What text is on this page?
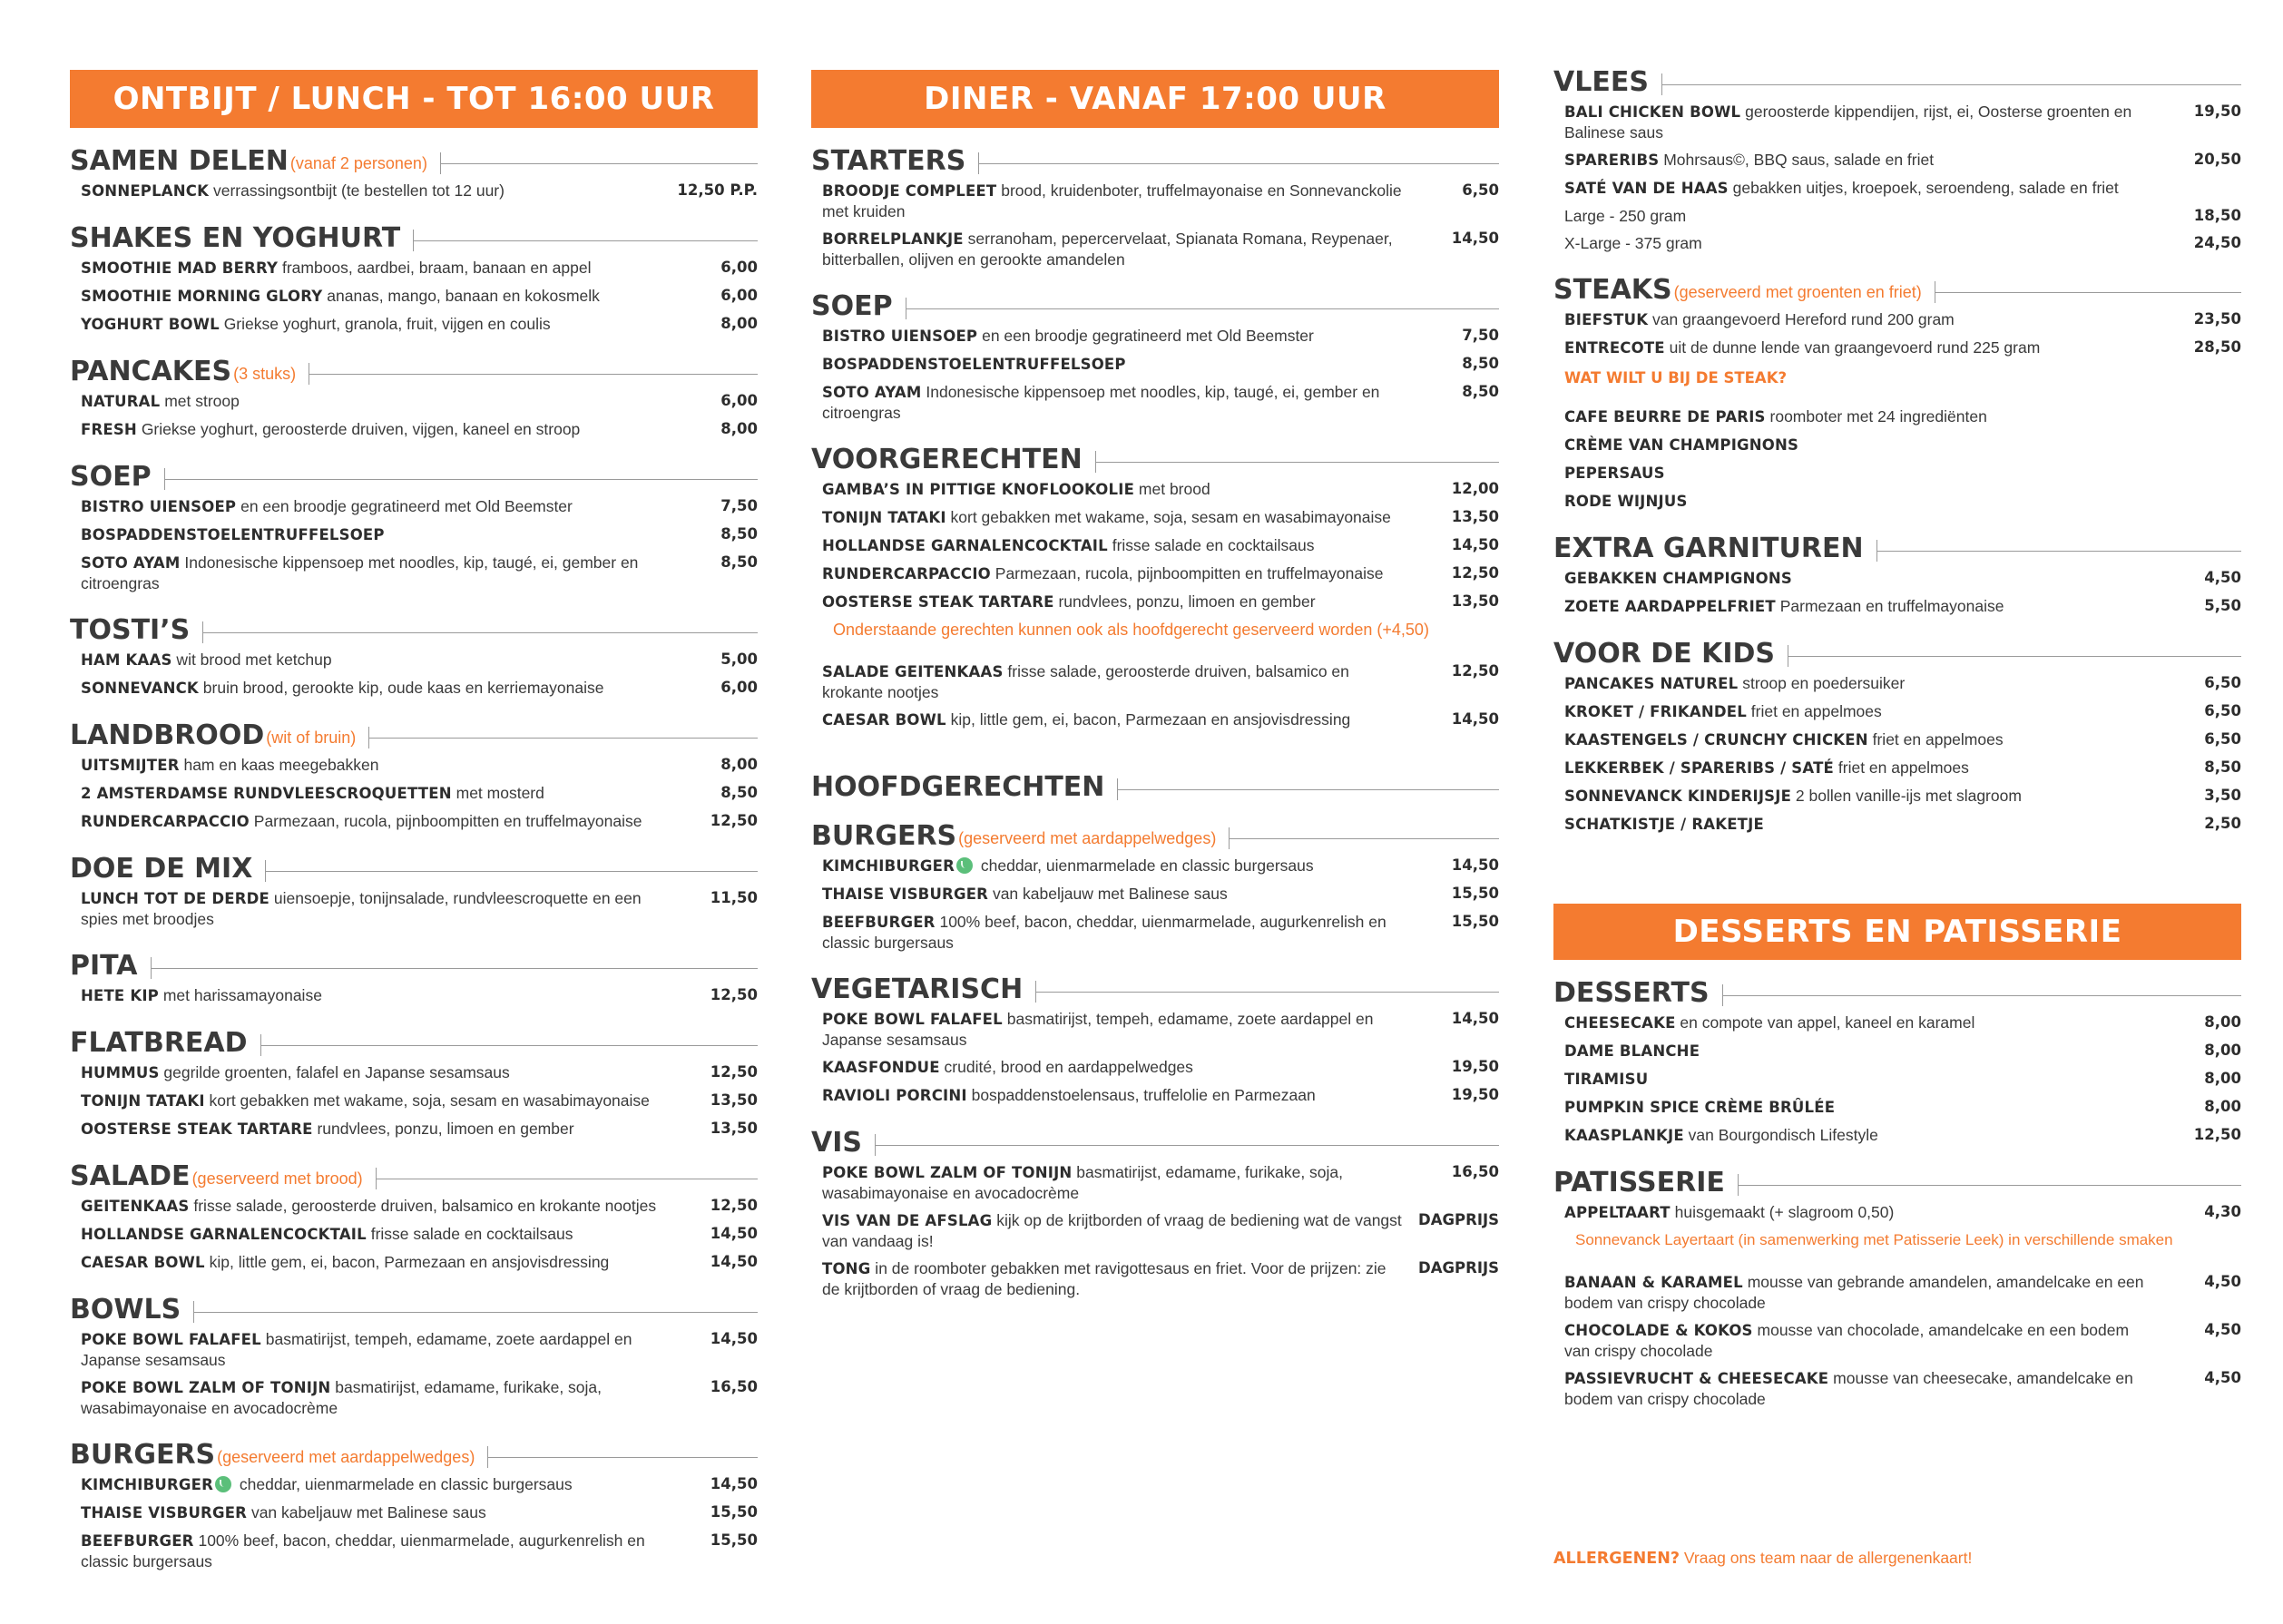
ONTBIJT / LUNCH - TOT 16:00 UUR
SAMEN DELEN (vanaf 2 personen)
SONNEPLANCK verrassingsontbijt (te bestellen tot 12 uur)	12,50 P.P.
SHAKES EN YOGHURT
SMOOTHIE MAD BERRY framboos, aardbei, braam, banaan en appel	6,00
SMOOTHIE MORNING GLORY ananas, mango, banaan en kokosmelk	6,00
YOGHURT BOWL Griekse yoghurt, granola, fruit, vijgen en coulis	8,00
PANCAKES (3 stuks)
NATURAL met stroop	6,00
FRESH Griekse yoghurt, geroosterde druiven, vijgen, kaneel en stroop	8,00
SOEP
BISTRO UIENSOEP en een broodje gegratineerd met Old Beemster	7,50
BOSPADDENSTOELENTRUFFELSOEP	8,50
SOTO AYAM Indonesische kippensoep met noodles, kip, taugé, ei, gember en citroengras
8,50
TOSTI’S
HAM KAAS wit brood met ketchup	5,00
SONNEVANCK bruin brood, gerookte kip, oude kaas en kerriemayonaise	6,00
LANDBROOD (wit of bruin)
UITSMIJTER ham en kaas meegebakken	8,00
2 AMSTERDAMSE RUNDVLEESCROQUETTEN met mosterd	8,50
RUNDERCARPACCIO Parmezaan, rucola, pijnboompitten en truffelmayonaise	12,50
DOE DE MIX
LUNCH TOT DE DERDE uiensoepje, tonijnsalade, rundvleescroquette en een spies met broodjes
11,50
PITA
HETE KIP met harissamayonaise	12,50
FLATBREAD
HUMMUS gegrilde groenten, falafel en Japanse sesamsaus	12,50
TONIJN TATAKI kort gebakken met wakame, soja, sesam en wasabimayonaise	13,50
OOSTERSE STEAK TARTARE rundvlees, ponzu, limoen en gember	13,50
SALADE (geserveerd met brood)
GEITENKAAS frisse salade, geroosterde druiven, balsamico en krokante nootjes	12,50
HOLLANDSE GARNALENCOCKTAIL frisse salade en cocktailsaus	14,50
CAESAR BOWL kip, little gem, ei, bacon, Parmezaan en ansjovisdressing	14,50
BOWLS
POKE BOWL FALAFEL basmatirijst, tempeh, edamame, zoete aardappel en Japanse sesamsaus
14,50
POKE BOWL ZALM OF TONIJN basmatirijst, edamame, furikake, soja, wasabimayonaise en avocadocrème
16,50
BURGERS (geserveerd met aardappelwedges)
KIMCHIBURGER cheddar, uienmarmelade en classic burgersaus	14,50
THAISE VISBURGER van kabeljauw met Balinese saus	15,50
BEEFBURGER 100% beef, bacon, cheddar, uienmarmelade, augurkenrelish en classic burgersaus
15,50
DINER - VANAF 17:00 UUR
STARTERS
BROODJE COMPLEET brood, kruidenboter, truffelmayonaise en Sonnevanckolie met kruiden
6,50
BORRELPLANKJE serranoham, pepercervelaat, Spianata Romana, Reypenaer, bitterballen, olijven en gerookte amandelen
14,50
SOEP
BISTRO UIENSOEP en een broodje gegratineerd met Old Beemster	7,50
BOSPADDENSTOELENTRUFFELSOEP	8,50
SOTO AYAM Indonesische kippensoep met noodles, kip, taugé, ei, gember en citroengras
8,50
VOORGERECHTEN
GAMBA’S IN PITTIGE KNOFLOOKOLIE met brood	12,00
TONIJN TATAKI kort gebakken met wakame, soja, sesam en wasabimayonaise	13,50
HOLLANDSE GARNALENCOCKTAIL frisse salade en cocktailsaus	14,50
RUNDERCARPACCIO Parmezaan, rucola, pijnboompitten en truffelmayonaise	12,50
OOSTERSE STEAK TARTARE rundvlees, ponzu, limoen en gember	13,50
Onderstaande gerechten kunnen ook als hoofdgerecht geserveerd worden (+4,50)
SALADE GEITENKAAS frisse salade, geroosterde druiven, balsamico en krokante nootjes
12,50
CAESAR BOWL kip, little gem, ei, bacon, Parmezaan en ansjovisdressing	14,50
HOOFDGERECHTEN
BURGERS (geserveerd met aardappelwedges)
KIMCHIBURGER cheddar, uienmarmelade en classic burgersaus	14,50
THAISE VISBURGER van kabeljauw met Balinese saus	15,50
BEEFBURGER 100% beef, bacon, cheddar, uienmarmelade, augurkenrelish en classic burgersaus
15,50
VEGETARISCH
POKE BOWL FALAFEL basmatirijst, tempeh, edamame, zoete aardappel en Japanse sesamsaus
14,50
KAASFONDUE crudité, brood en aardappelwedges	19,50
RAVIOLI PORCINI bospaddenstoelensaus, truffelolie en Parmezaan	19,50
VIS
POKE BOWL ZALM OF TONIJN basmatirijst, edamame, furikake, soja, wasabimayonaise en avocadocrème
16,50
VIS VAN DE AFSLAG kijk op de krijtborden of vraag de bediening wat de vangst van vandaag is!
DAGPRIJS
TONG in de roomboter gebakken met ravigottesaus en friet. Voor de prijzen: zie de krijtborden of vraag de bediening.
DAGPRIJS
VLEES
BALI CHICKEN BOWL geroosterde kippendijen, rijst, ei, Oosterse groenten en Balinese saus
19,50
SPARERIBS Mohrsaus©, BBQ saus, salade en friet	20,50
SATÉ VAN DE HAAS gebakken uitjes, kroepoek, seroendeng, salade en friet
Large - 250 gram	18,50
X-Large - 375 gram	24,50
STEAKS (geserveerd met groenten en friet)
BIEFSTUK van graangevoerd Hereford rund 200 gram	23,50
ENTRECOTE uit de dunne lende van graangevoerd rund 225 gram	28,50
WAT WILT U BIJ DE STEAK?
CAFE BEURRE DE PARIS roomboter met 24 ingrediënten
CRÈME VAN CHAMPIGNONS
PEPERSAUS
RODE WIJNJUS
EXTRA GARNITUREN
GEBAKKEN CHAMPIGNONS	4,50
ZOETE AARDAPPELFRIET Parmezaan en truffelmayonaise	5,50
VOOR DE KIDS
PANCAKES NATUREL stroop en poedersuiker	6,50
KROKET / FRIKANDEL friet en appelmoes	6,50
KAASTENGELS / CRUNCHY CHICKEN friet en appelmoes	6,50
LEKKERBEK / SPARERIBS / SATÉ friet en appelmoes	8,50
SONNEVANCK KINDERIJSJE 2 bollen vanille-ijs met slagroom	3,50
SCHATKISTJE / RAKETJE	2,50
DESSERTS EN PATISSERIE
DESSERTS
CHEESECAKE en compote van appel, kaneel en karamel	8,00
DAME BLANCHE	8,00
TIRAMISU	8,00
PUMPKIN SPICE CRÈME BRÛLÉE	8,00
KAASPLANKJE van Bourgondisch Lifestyle	12,50
PATISSERIE
APPELTAART huisgemaakt (+ slagroom 0,50)	4,30
Sonnevanck Layertaart (in samenwerking met Patisserie Leek) in verschillende smaken
BANAAN & KARAMEL mousse van gebrande amandelen, amandelcake en een bodem van crispy chocolade
4,50
CHOCOLADE & KOKOS mousse van chocolade, amandelcake en een bodem van crispy chocolade
4,50
PASSIEVRUCHT & CHEESECAKE mousse van cheesecake, amandelcake en bodem van crispy chocolade
4,50
ALLERGENEN? Vraag ons team naar de allergenenkaart!
